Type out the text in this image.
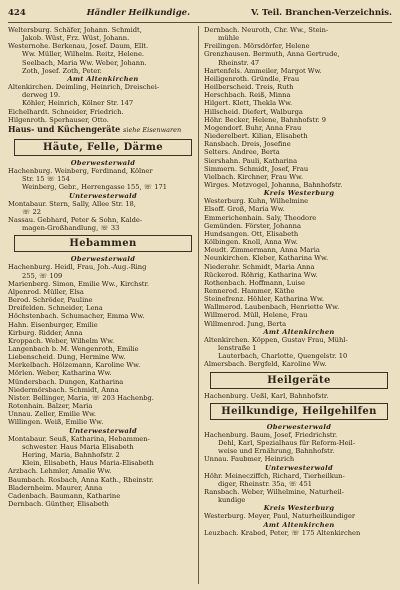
424	Händler Heilkundige.	V. Teil. Branchen-Verzeichnis.
Weltersburg. Schäfer, Johann. Schmidt,
Jakob. Wüst, Frz. Wüst, Johann.
Westernohe. Berkenau, Josef. Daum, Ellt.
Ww. Müller, Wilhelm. Reitz, Helene.
Seelbach, Maria Ww. Weber, Johann.
Zoth, Josef. Zoth, Peter.
Amt Altenkirchen
Altenkirchen. Deimling, Heinrich, Dreischei-
derweg 19.
Köhler, Heinrich, Kölner Str. 147
Eichelhardt. Schneider, Friedrich.
Hilgenroth. Sperhauser, Otto.
Haus- und Küchengeräte siehe Eisenwaren
Häute, Felle, Därme
Oberwesterwald
Hachenburg. Weinberg, Ferdinand, Kölner
Str. 15 ☏ 154
Weinberg, Gebr., Herrengasse 155, ☏ 171
Unterwesterwald
Montabaur. Stern, Sally, Allee Str. 18,
☏ 22
Nassau. Gebhard, Peter & Sohn, Kalde-
magen-Großhandlung, ☏ 33
Hebammen
Oberwesterwald
Hachenburg. Heidl, Frau, Joh.-Aug.-Ring
255, ☏ 109
Marienberg. Simon, Emilie Ww., Kirchstr.
Alpenrod. Müller, Elsa
Berod. Schröder, Pauline
Dreifelden. Schneider, Lena
Höchstenbach. Schumacher, Emma Ww.
Hahn. Eisenburger, Emilie
Kirburg. Ridder, Anna
Kroppach. Weber, Wilhelm Ww.
Langenbach b. M. Wengenroth, Emilie
Liebenscheid. Dung, Hermine Ww.
Merkelbach. Hölzemann, Karoline Ww.
Mörlen. Weber, Katharina Ww.
Mündersbach. Dungen, Katharina
Niedermörsbach. Schmidt, Anna
Nister. Bellinger, Maria, ☏ 203 Hachenbg.
Rotenhain. Balzer, Maria
Unnau. Zeller, Emilie Ww.
Willingen. Weiß, Emilie Ww.
Unterwesterwald
Montabaur. Seuß, Katharina, Hebammen-
schwester. Haus Maria Elisabeth
Hering, Maria, Bahnhofstr. 2
Klein, Elisabeth, Haus Maria-Elisabeth
Arzbach. Lehmler, Amalie Ww.
Baumbach. Rosbach, Anna Kath., Rheinstr.
Bladernheim. Maurer, Anna
Cadenbach. Baumann, Katharine
Dernbach. Günther, Elisabeth
Dernbach. Neuroth, Chr. Ww., Stein-
mühle
Freilingen. Mörsdörfer, Helene
Grenzhausen. Bermuth, Anna Gertrude,
Rheinstr. 47
Hartenfels. Ammeiler, Margot Ww.
Heiligenroth. Gründle, Frau
Heilberscheid. Treis, Ruth
Herschbach. Reiß, Minna
Hilgert. Klett, Thekla Ww.
Hillscheid. Diefert, Walburga
Höhr. Becker, Helene, Bahnhofstr. 9
Mogendorf. Buhr, Anna Frau
Niederelbert. Kilian, Elisabeth
Ransbach. Dreis, Josefine
Selters. Andree, Berta
Siershahn. Pauli, Katharina
Simmern. Schmidt, Josef, Frau
Vielbach. Kirchner, Frau Ww.
Wirges. Metzvogel, Johanna, Bahnhofstr.
Kreis Westerburg
Westerburg. Kuhn, Wilhelmine
Elsoff. Groß, Maria Ww.
Emmerichenhain. Saly, Theodore
Gemünden. Förster, Johanna
Hundsangen. Ott, Elisabeth
Kölbingen. Knoll, Anna Ww.
Meudt. Zimmermann, Anna Maria
Neunkirchen. Kleber, Katharina Ww.
Niederahr. Schmidt, Maria Anna
Rückerod. Röhrig, Katharina Ww.
Rothenbach. Hoffmann, Luise
Rennerod. Hammer, Käthe
Steinefrenz. Höhler, Katharina Ww.
Wallmerod. Laubenbach, Henriette Ww.
Willmerod. Müll, Helene, Frau
Willmenrod. Jung, Berta
Amt Altenkirchen
Altenkirchen. Köppen, Gustav Frau, Mühl-
lenstraße 1
Lauterbach, Charlotte, Quengelstr. 10
Almersbach. Bergfeld, Karoline Ww.
Heilgeräte
Hachenburg. Ueßl, Karl, Bahnhofstr.
Heilkundige, Heilgehilfen
Oberwesterwald
Hachenburg. Baum, Josef, Friedrichstr.
Dehl, Karl, Spezialhaus für Reform-Heil-
weise und Ernährung, Bahnhofstr.
Unnau. Faubmer, Heinrich
Unterwesterwald
Höhr. Meinecziffch, Richard, Tierheilkun-
diger, Rheinstr. 35a, ☏ 451
Ransbach. Weber, Wilhelmine, Naturheil-
kundige
Kreis Westerburg
Westerburg. Meyer, Paul, Naturheilkundiger
Amt Altenkirchen
Leuzbach. Krabed, Peter, ☏ 175 Altenkirchen
